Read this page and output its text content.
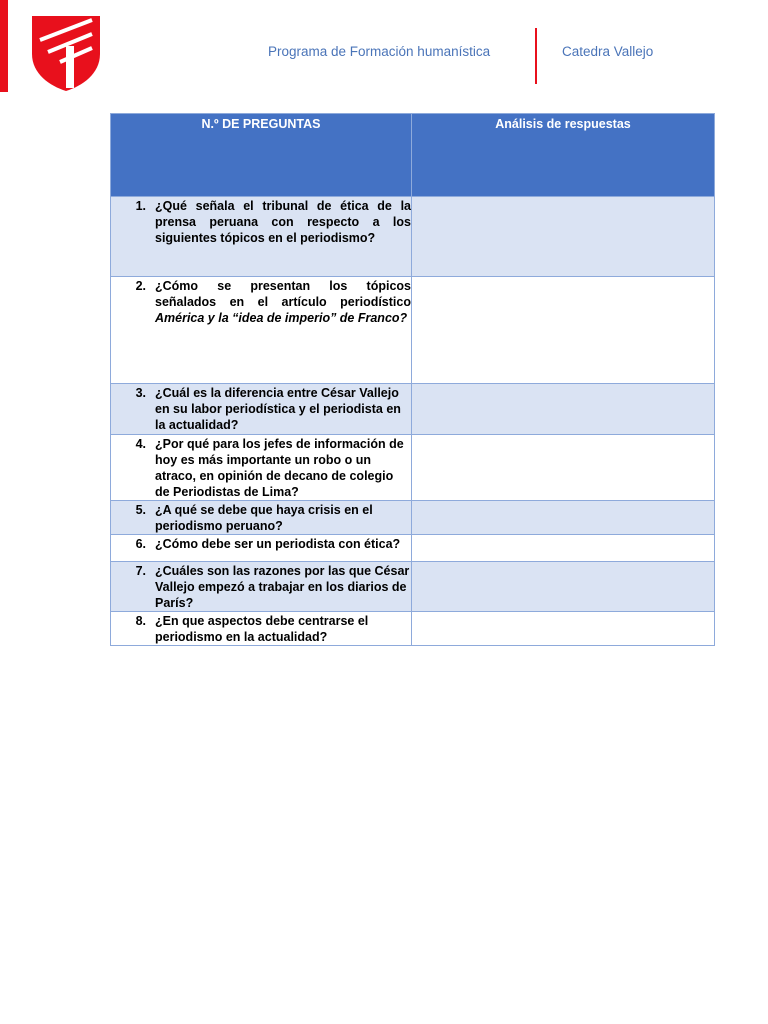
Programa de Formación humanística	Catedra Vallejo
N.º DE PREGUNTAS	Análisis de respuestas

1. ¿Qué señala el tribunal de ética de la prensa peruana con respecto a los siguientes tópicos en el periodismo?	

2. ¿Cómo se presentan los tópicos señalados en el artículo periodístico América y la “idea de imperio” de Franco?	

3. ¿Cuál es la diferencia entre César Vallejo en su labor periodística y el periodista en la actualidad?	

4. ¿Por qué para los jefes de información de hoy es más importante un robo o un atraco, en opinión de decano de colegio de Periodistas de Lima?	

5. ¿A qué se debe que haya crisis en el periodismo peruano?	

6. ¿Cómo debe ser un periodista con ética?	

7. ¿Cuáles son las razones por las que César Vallejo empezó a trabajar en los diarios de París?	

8. ¿En que aspectos debe centrarse el periodismo en la actualidad?	
